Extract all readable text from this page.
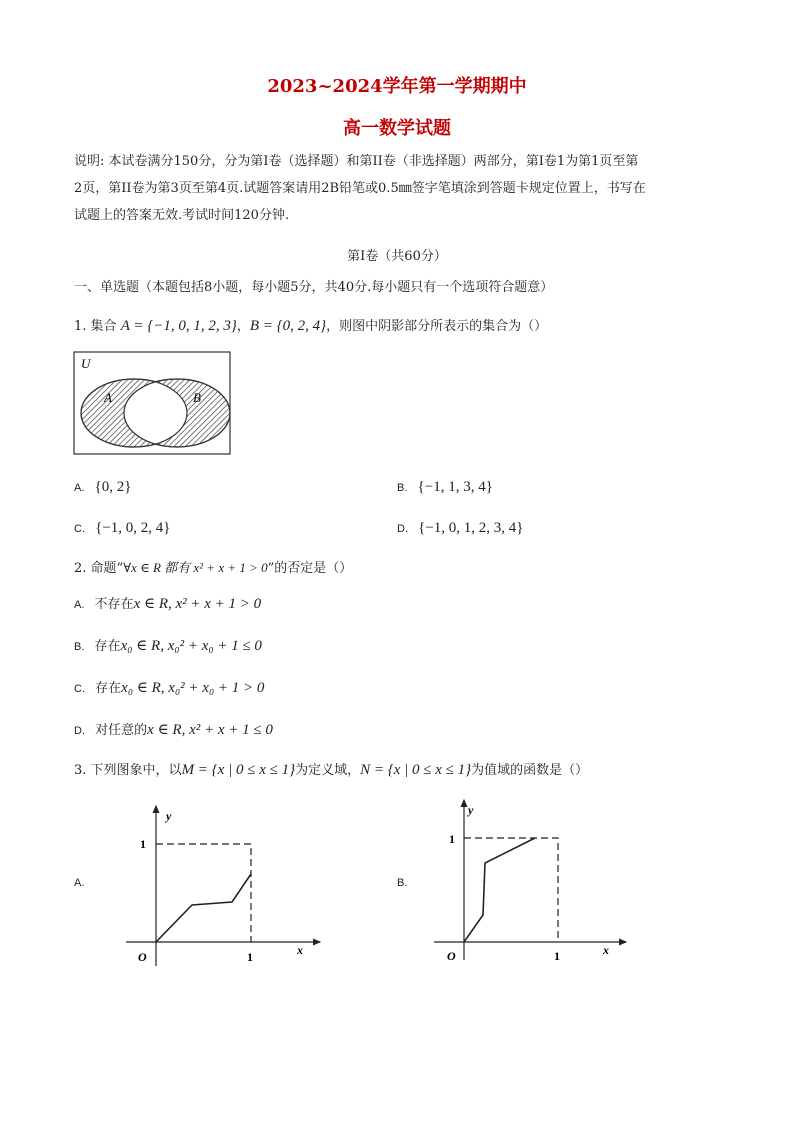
2023~2024学年第一学期期中
高一数学试题
说明: 本试卷满分150分，分为第Ⅰ卷（选择题）和第II卷（非选择题）两部分，第Ⅰ卷1为第1页至第
2页，第II卷为第3页至第4页.试题答案请用2B铅笔或0.5㎜签字笔填涂到答题卡规定位置上，书写在
试题上的答案无效.考试时间120分钟.
第Ⅰ卷（共60分）
一、单选题（本题包括8小题，每小题5分，共40分.每小题只有一个选项符合题意）
1. 集合 A = {−1, 0, 1, 2, 3}，B = {0, 2, 4}，则图中阴影部分所表示的集合为（）
U
A	B
A. {0, 2}	B. {−1, 1, 3, 4}
C. {−1, 0, 2, 4}	D. {−1, 0, 1, 2, 3, 4}
2. 命题“∀x ∈ R 都有 x² + x + 1 > 0”的否定是（）
A. 不存在x ∈ R, x² + x + 1 > 0
B. 存在x₀ ∈ R, x₀² + x₀ + 1 ≤ 0
C. 存在x₀ ∈ R, x₀² + x₀ + 1 > 0
D. 对任意的x ∈ R, x² + x + 1 ≤ 0
3. 下列图象中，以M = {x | 0 ≤ x ≤ 1}为定义域，N = {x | 0 ≤ x ≤ 1}为值域的函数是（）
A.
y
x
O	1
1
B.
y
x
O	1
1
